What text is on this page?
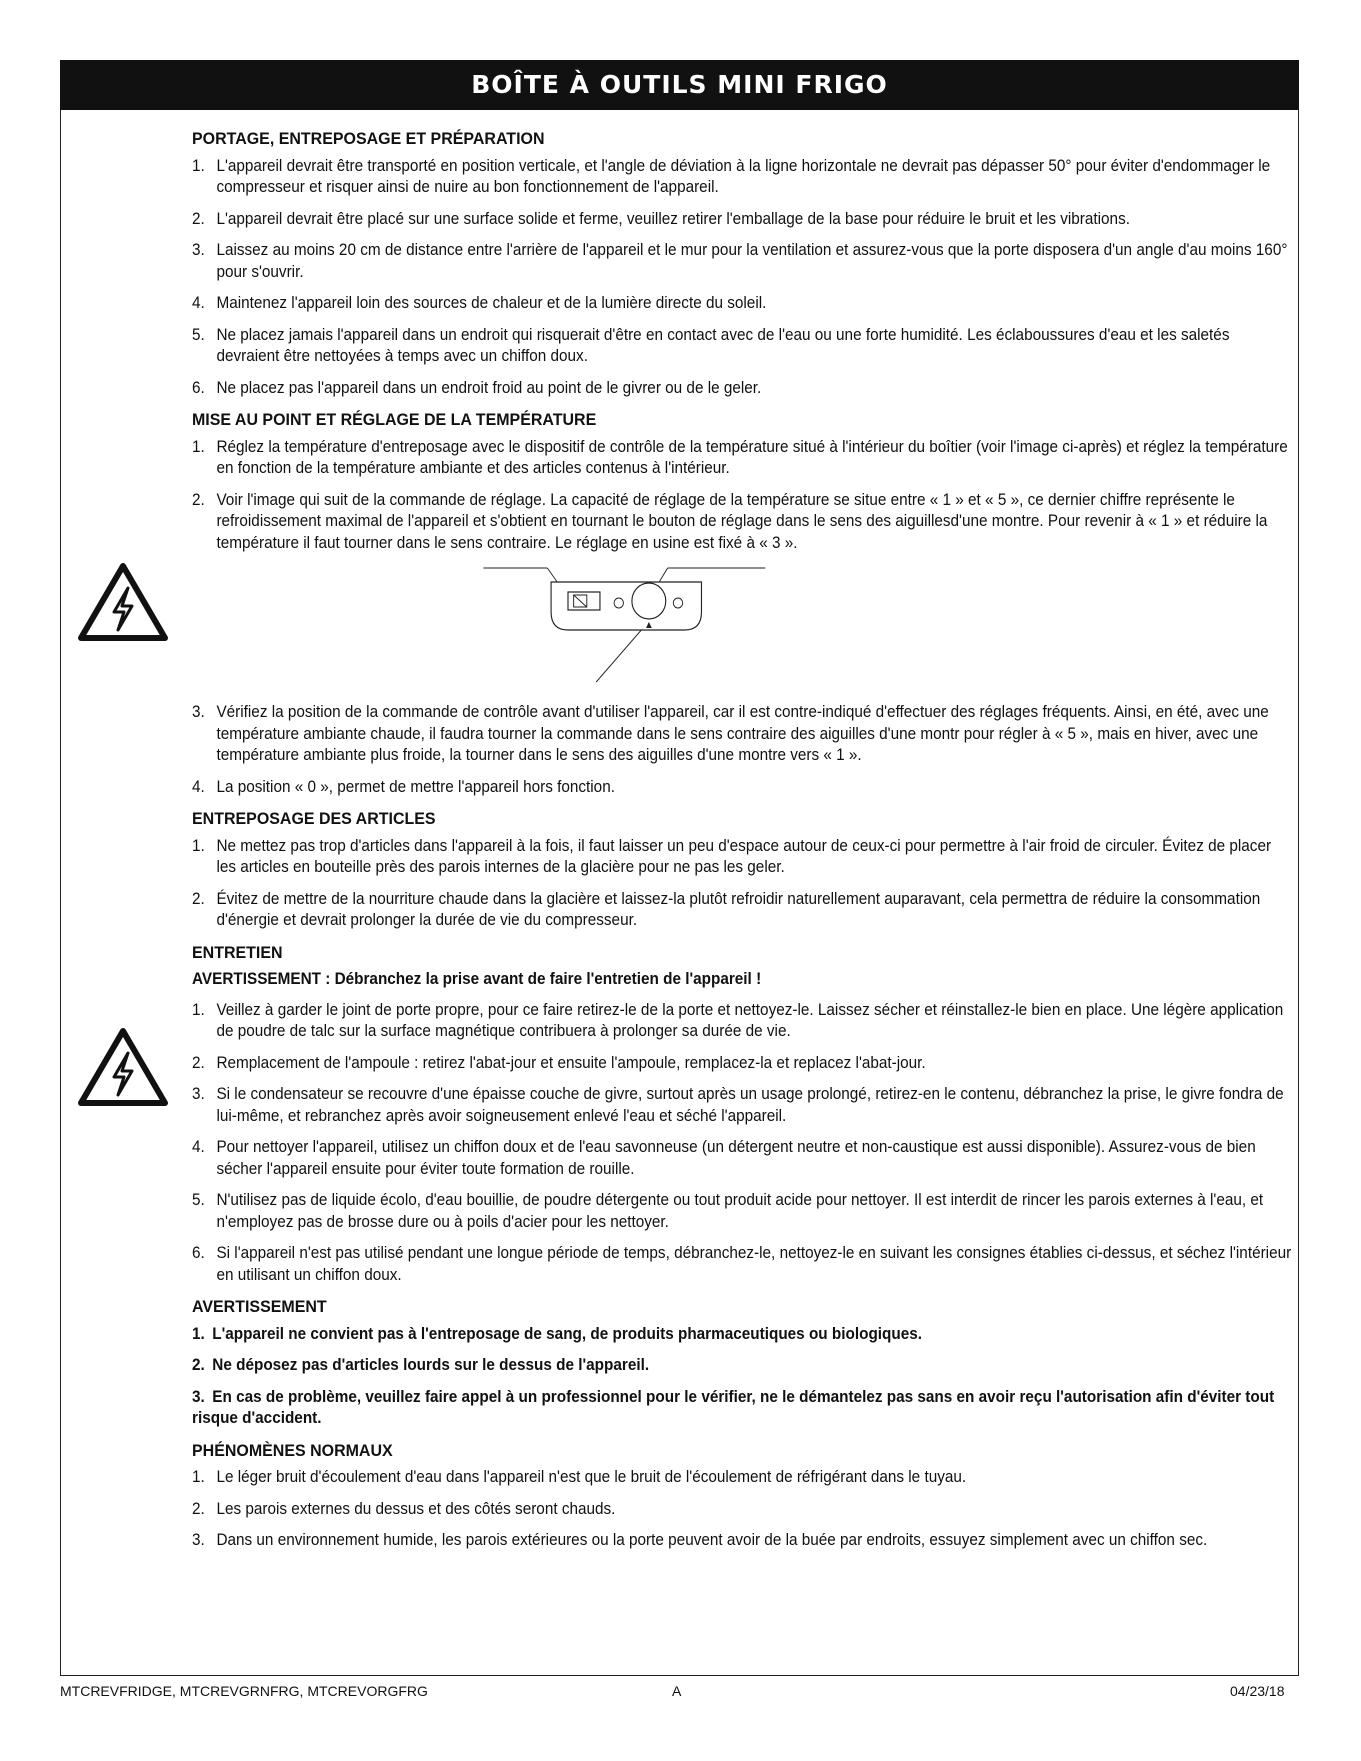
BOÎTE À OUTILS MINI FRIGO
PORTAGE, ENTREPOSAGE ET PRÉPARATION
1. L'appareil devrait être transporté en position verticale, et l'angle de déviation à la ligne horizontale ne devrait pas dépasser 50° pour éviter d'endommager le compresseur et risquer ainsi de nuire au bon fonctionnement de l'appareil.
2. L'appareil devrait être placé sur une surface solide et ferme, veuillez retirer l'emballage de la base pour réduire le bruit et les vibrations.
3. Laissez au moins 20 cm de distance entre l'arrière de l'appareil et le mur pour la ventilation et assurez-vous que la porte disposera d'un angle d'au moins 160° pour s'ouvrir.
4. Maintenez l'appareil loin des sources de chaleur et de la lumière directe du soleil.
5. Ne placez jamais l'appareil dans un endroit qui risquerait d'être en contact avec de l'eau ou une forte humidité. Les éclaboussures d'eau et les saletés devraient être nettoyées à temps avec un chiffon doux.
6. Ne placez pas l'appareil dans un endroit froid au point de le givrer ou de le geler.
MISE AU POINT ET RÉGLAGE DE LA TEMPÉRATURE
1. Réglez la température d'entreposage avec le dispositif de contrôle de la température situé à l'intérieur du boîtier (voir l'image ci-après) et réglez la température en fonction de la température ambiante et des articles contenus à l'intérieur.
2. Voir l'image qui suit de la commande de réglage. La capacité de réglage de la température se situe entre « 1 » et « 5 », ce dernier chiffre représente le refroidissement maximal de l'appareil et s'obtient en tournant le bouton de réglage dans le sens des aiguillesd'une montre. Pour revenir à « 1 » et réduire la température il faut tourner dans le sens contraire. Le réglage en usine est fixé à « 3 ».
▲
3. Vérifiez la position de la commande de contrôle avant d'utiliser l'appareil, car il est contre-indiqué d'effectuer des réglages fréquents. Ainsi, en été, avec une température ambiante chaude, il faudra tourner la commande dans le sens contraire des aiguilles d'une montr pour régler à « 5 », mais en hiver, avec une température ambiante plus froide, la tourner dans le sens des aiguilles d'une montre vers « 1 ».
4. La position « 0 », permet de mettre l'appareil hors fonction.
ENTREPOSAGE DES ARTICLES
1. Ne mettez pas trop d'articles dans l'appareil à la fois, il faut laisser un peu d'espace autour de ceux-ci pour permettre à l'air froid de circuler. Évitez de placer les articles en bouteille près des parois internes de la glacière pour ne pas les geler.
2. Évitez de mettre de la nourriture chaude dans la glacière et laissez-la plutôt refroidir naturellement auparavant, cela permettra de réduire la consommation d'énergie et devrait prolonger la durée de vie du compresseur.
ENTRETIEN
AVERTISSEMENT : Débranchez la prise avant de faire l'entretien de l'appareil !
1. Veillez à garder le joint de porte propre, pour ce faire retirez-le de la porte et nettoyez-le. Laissez sécher et réinstallez-le bien en place. Une légère application de poudre de talc sur la surface magnétique contribuera à prolonger sa durée de vie.
2. Remplacement de l'ampoule : retirez l'abat-jour et ensuite l'ampoule, remplacez-la et replacez l'abat-jour.
3. Si le condensateur se recouvre d'une épaisse couche de givre, surtout après un usage prolongé, retirez-en le contenu, débranchez la prise, le givre fondra de lui-même, et rebranchez après avoir soigneusement enlevé l'eau et séché l'appareil.
4. Pour nettoyer l'appareil, utilisez un chiffon doux et de l'eau savonneuse (un détergent neutre et non-caustique est aussi disponible). Assurez-vous de bien sécher l'appareil ensuite pour éviter toute formation de rouille.
5. N'utilisez pas de liquide écolo, d'eau bouillie, de poudre détergente ou tout produit acide pour nettoyer. Il est interdit de rincer les parois externes à l'eau, et n'employez pas de brosse dure ou à poils d'acier pour les nettoyer.
6. Si l'appareil n'est pas utilisé pendant une longue période de temps, débranchez-le, nettoyez-le en suivant les consignes établies ci-dessus, et séchez l'intérieur en utilisant un chiffon doux.
AVERTISSEMENT
1. L'appareil ne convient pas à l'entreposage de sang, de produits pharmaceutiques ou biologiques.
2. Ne déposez pas d'articles lourds sur le dessus de l'appareil.
3. En cas de problème, veuillez faire appel à un professionnel pour le vérifier, ne le démantelez pas sans en avoir reçu l'autorisation afin d'éviter tout risque d'accident.
PHÉNOMÈNES NORMAUX
1. Le léger bruit d'écoulement d'eau dans l'appareil n'est que le bruit de l'écoulement de réfrigérant dans le tuyau.
2. Les parois externes du dessus et des côtés seront chauds.
3. Dans un environnement humide, les parois extérieures ou la porte peuvent avoir de la buée par endroits, essuyez simplement avec un chiffon sec.
MTCREVFRIDGE, MTCREVGRNFRG, MTCREVORGFRG	A	04/23/18
